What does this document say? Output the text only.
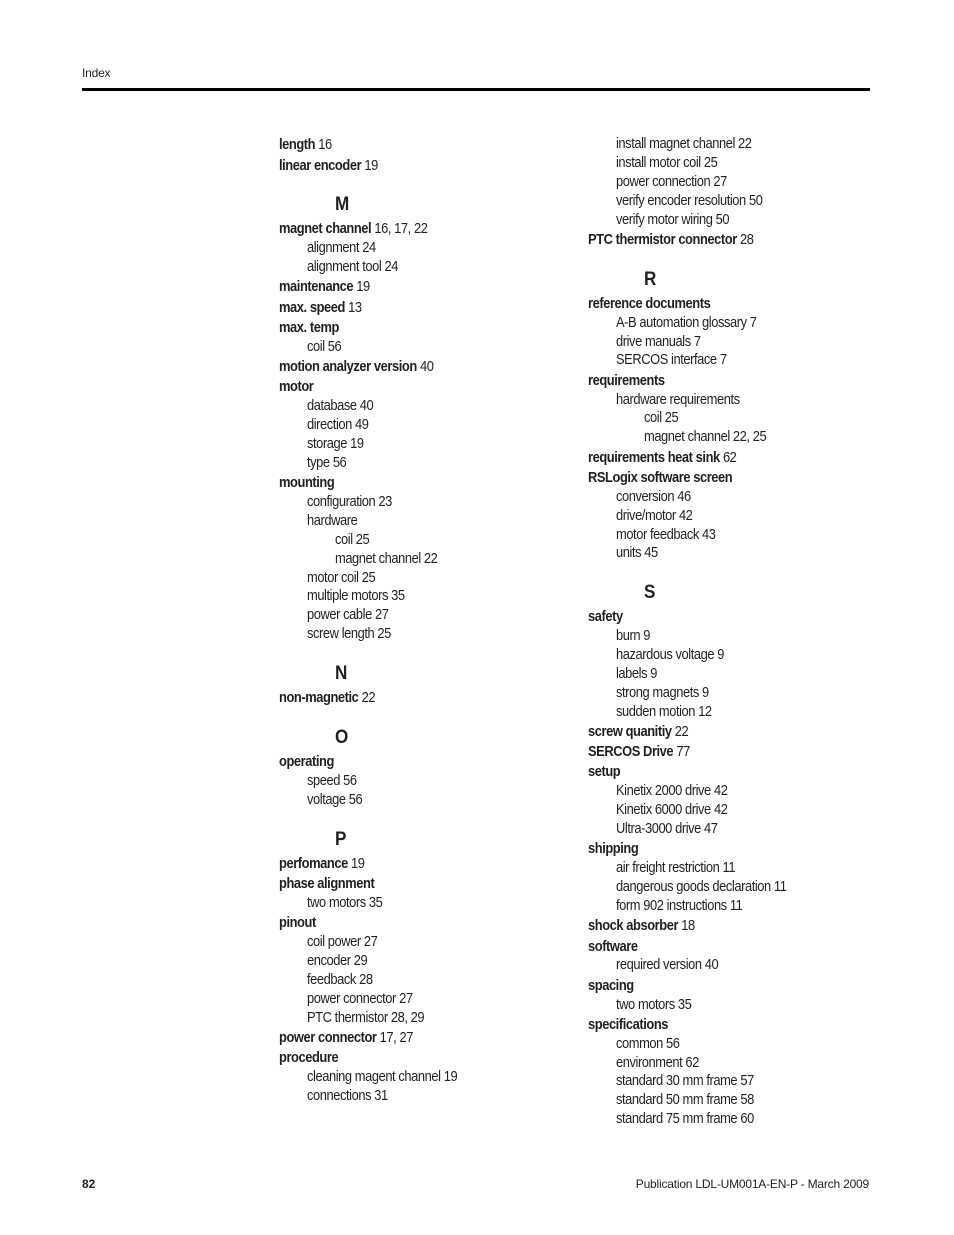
Index
length 16
linear encoder 19
M
magnet channel 16, 17, 22
alignment 24
alignment tool 24
maintenance 19
max. speed 13
max. temp
coil 56
motion analyzer version 40
motor
database 40
direction 49
storage 19
type 56
mounting
configuration 23
hardware
coil 25
magnet channel 22
motor coil 25
multiple motors 35
power cable 27
screw length 25
N
non-magnetic 22
O
operating
speed 56
voltage 56
P
perfomance 19
phase alignment
two motors 35
pinout
coil power 27
encoder 29
feedback 28
power connector 27
PTC thermistor 28, 29
power connector 17, 27
procedure
cleaning magent channel 19
connections 31
install magnet channel 22
install motor coil 25
power connection 27
verify encoder resolution 50
verify motor wiring 50
PTC thermistor connector 28
R
reference documents
A-B automation glossary 7
drive manuals 7
SERCOS interface 7
requirements
hardware requirements
coil 25
magnet channel 22, 25
requirements heat sink 62
RSLogix software screen
conversion 46
drive/motor 42
motor feedback 43
units 45
S
safety
burn 9
hazardous voltage 9
labels 9
strong magnets 9
sudden motion 12
screw quanitiy 22
SERCOS Drive 77
setup
Kinetix 2000 drive 42
Kinetix 6000 drive 42
Ultra-3000 drive 47
shipping
air freight restriction 11
dangerous goods declaration 11
form 902 instructions 11
shock absorber 18
software
required version 40
spacing
two motors 35
specifications
common 56
environment 62
standard 30 mm frame 57
standard 50 mm frame 58
standard 75 mm frame 60
82	Publication LDL-UM001A-EN-P - March 2009
